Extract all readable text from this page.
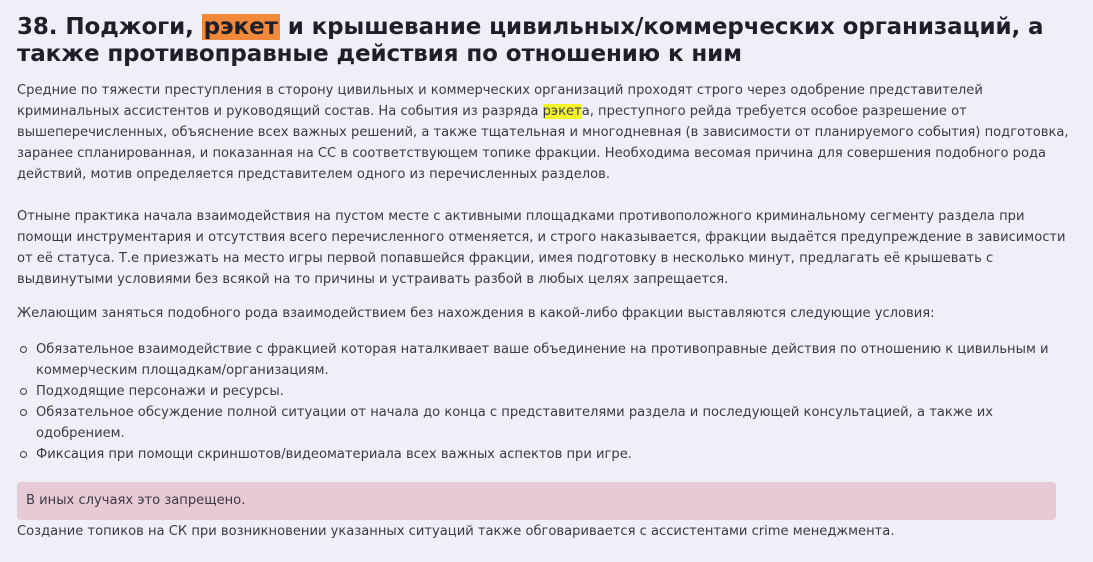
38. Поджоги, рэкет и крышевание цивильных/коммерческих организаций, а также противоправные действия по отношению к ним

Средние по тяжести преступления в сторону цивильных и коммерческих организаций проходят строго через одобрение представителей криминальных ассистентов и руководящий состав. На события из разряда рэкета, преступного рейда требуется особое разрешение от вышеперечисленных, объяснение всех важных решений, а также тщательная и многодневная (в зависимости от планируемого события) подготовка, заранее спланированная, и показанная на СС в соответствующем топике фракции. Необходима весомая причина для совершения подобного рода действий, мотив определяется представителем одного из перечисленных разделов.

Отныне практика начала взаимодействия на пустом месте с активными площадками противоположного криминальному сегменту раздела при помощи инструментария и отсутствия всего перечисленного отменяется, и строго наказывается, фракции выдаётся предупреждение в зависимости от её статуса. Т.е приезжать на место игры первой попавшейся фракции, имея подготовку в несколько минут, предлагать её крышевать с выдвинутыми условиями без всякой на то причины и устраивать разбой в любых целях запрещается.

Желающим заняться подобного рода взаимодействием без нахождения в какой-либо фракции выставляются следующие условия:

Обязательное взаимодействие с фракцией которая наталкивает ваше объединение на противоправные действия по отношению к цивильным и коммерческим площадкам/организациям.
Подходящие персонажи и ресурсы.
Обязательное обсуждение полной ситуации от начала до конца с представителями раздела и последующей консультацией, а также их одобрением.
Фиксация при помощи скриншотов/видеоматериала всех важных аспектов при игре.
В иных случаях это запрещено.

Создание топиков на СК при возникновении указанных ситуаций также обговаривается с ассистентами crime менеджмента.
